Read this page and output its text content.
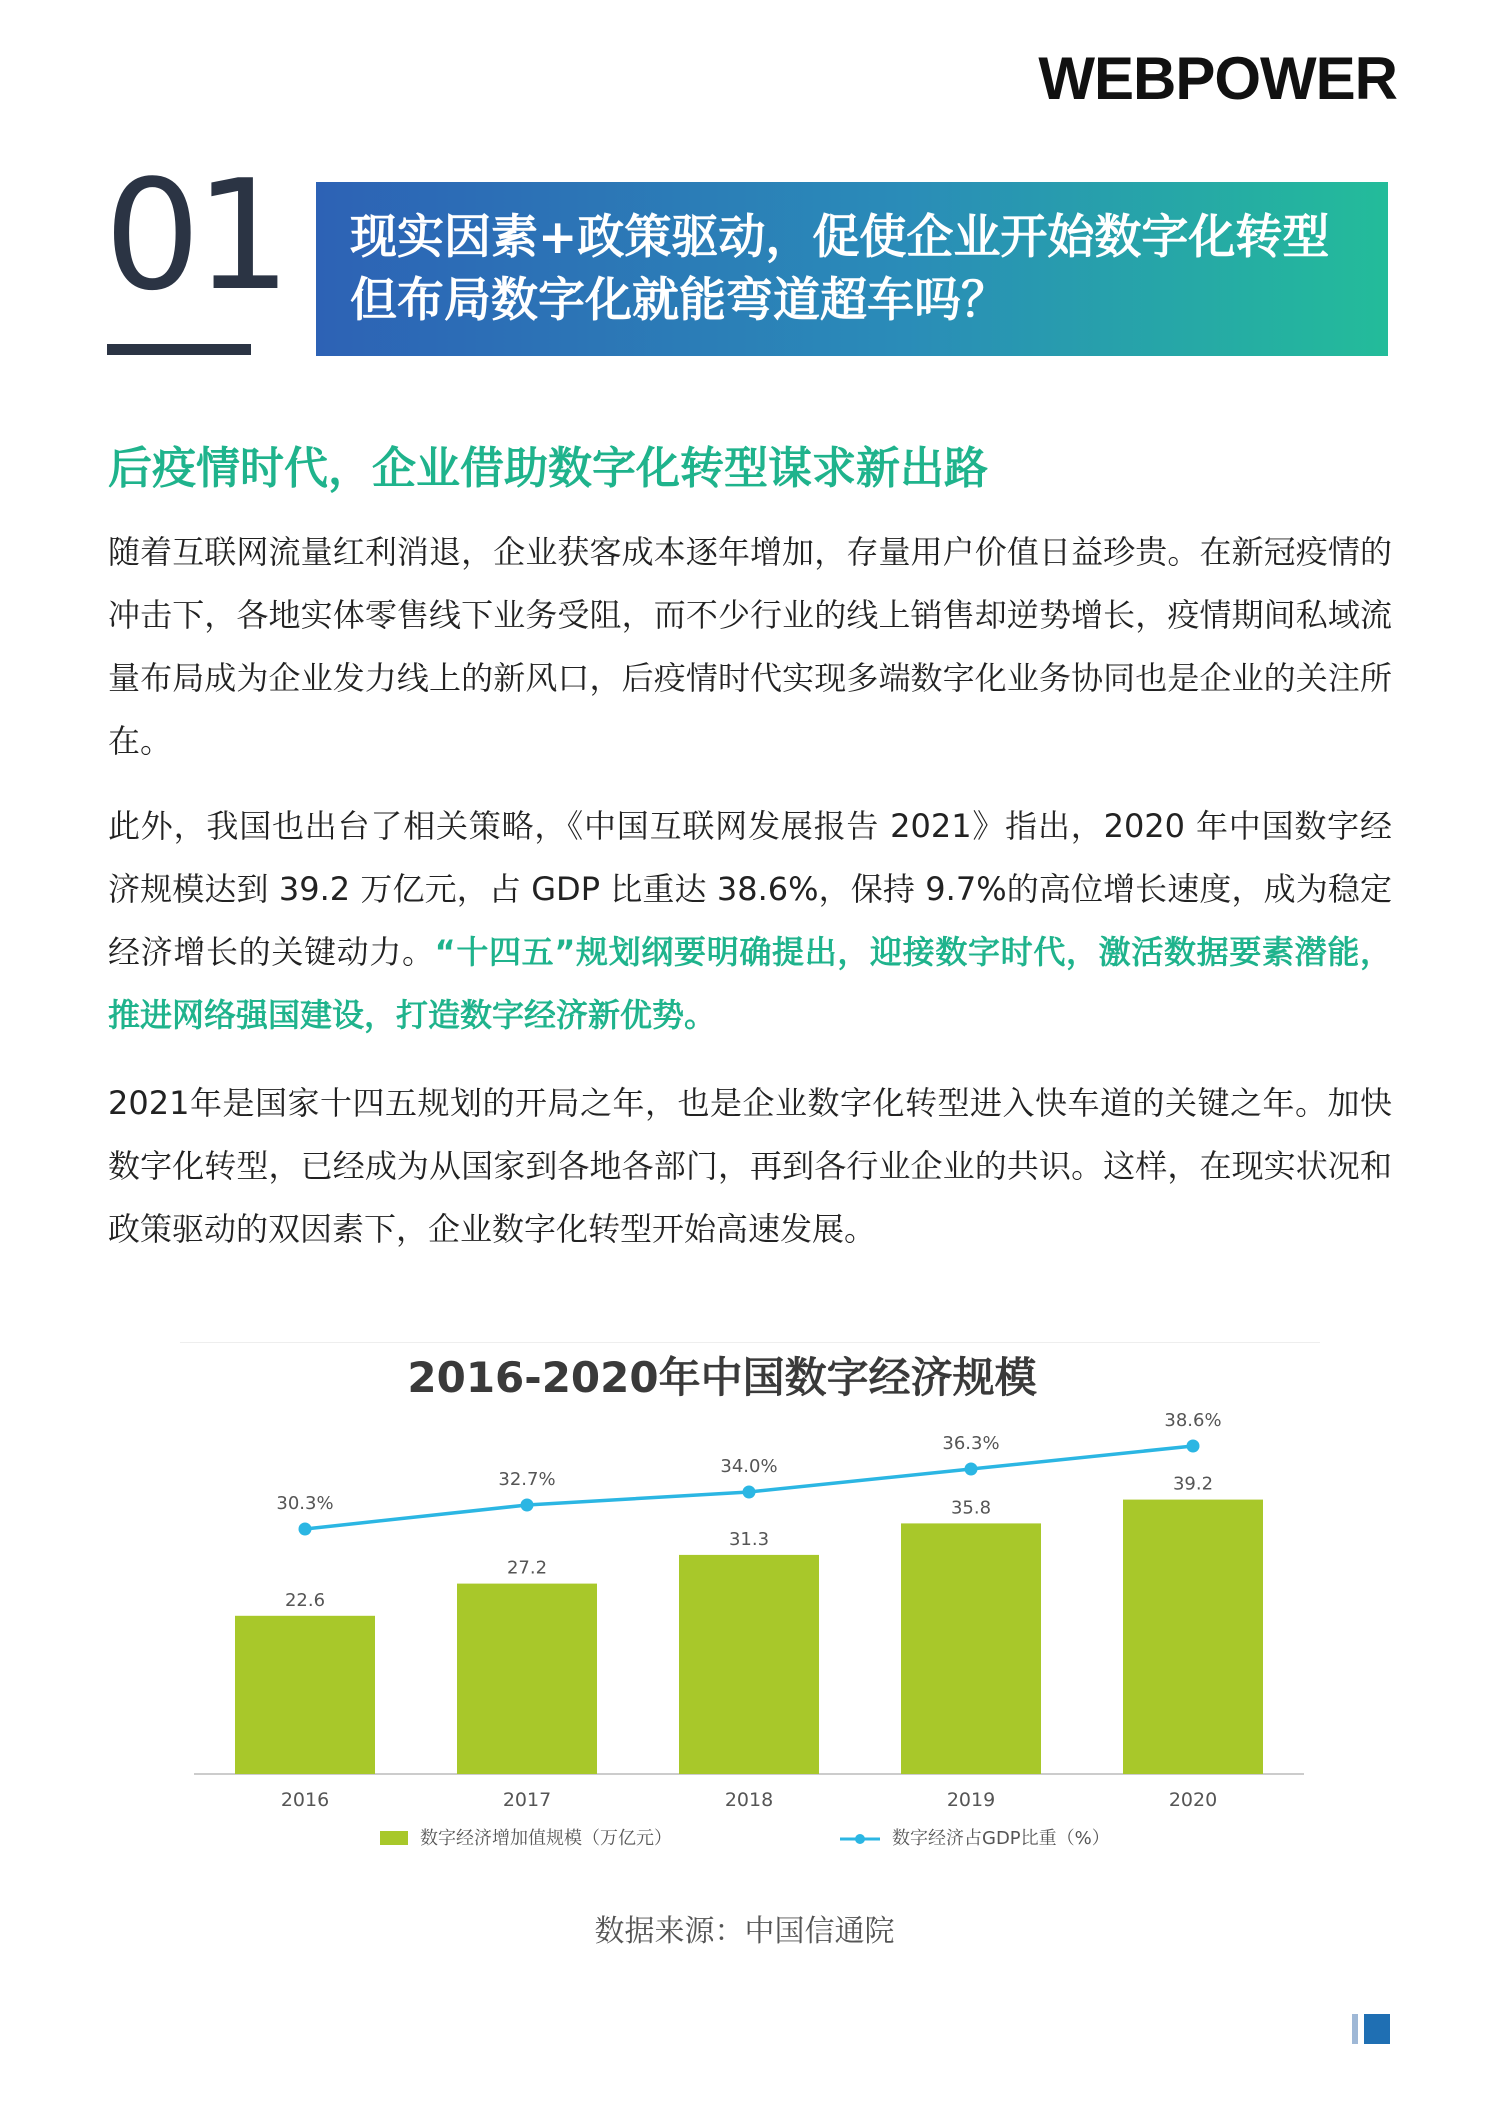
WEBPOWER
01 现实因素+政策驱动，促使企业开始数字化转型
但布局数字化就能弯道超车吗？
后疫情时代，企业借助数字化转型谋求新出路

随着互联网流量红利消退，企业获客成本逐年增加，存量用户价值日益珍贵。在新冠疫情的冲击下，各地实体零售线下业务受阻，而不少行业的线上销售却逆势增长，疫情期间私域流量布局成为企业发力线上的新风口，后疫情时代实现多端数字化业务协同也是企业的关注所在。

此外，我国也出台了相关策略，《中国互联网发展报告 2021》指出，2020 年中国数字经济规模达到 39.2 万亿元，占 GDP 比重达 38.6%，保持 9.7%的高位增长速度，成为稳定经济增长的关键动力。“十四五”规划纲要明确提出，迎接数字时代，激活数据要素潜能，推进网络强国建设，打造数字经济新优势。

2021年是国家十四五规划的开局之年，也是企业数字化转型进入快车道的关键之年。加快数字化转型，已经成为从国家到各地各部门，再到各行业企业的共识。这样，在现实状况和政策驱动的双因素下，企业数字化转型开始高速发展。

2016-2020年中国数字经济规模
22.6
2016
27.2
2017
31.3
2018
35.8
2019
39.2
2020
30.3%
32.7%
34.0%
36.3%
38.6%
数字经济增加值规模（万亿元）	数字经济占GDP比重（%）
数据来源：中国信通院
